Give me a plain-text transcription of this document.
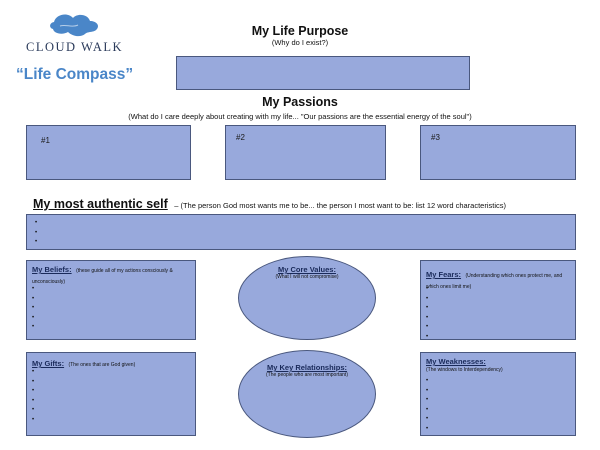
CLOUD WALK
“Life Compass”
My Life Purpose
(Why do I exist?)
My Passions
(What do I care deeply about creating with my life... "Our passions are the essential energy of the soul")
#1	#2	#3
My most authentic self – (The person God most wants me to be... the person I most want to be: list 12 word characteristics)
•
•
•
My Beliefs: (these guide all of my actions consciously & unconsciously)
•
•
•
•
•
My Core Values:
(What I will not compromise)	My Fears: (Understanding which ones protect me, and which ones limit me)
•
•
•
•
•
•
My Gifts: (The ones that are God given)
•
•
•
•
•
•	My Key Relationships:
(The people who are most important)
My Weaknesses:
(The windows to Interdependency)
•
•
•
•
•
•
